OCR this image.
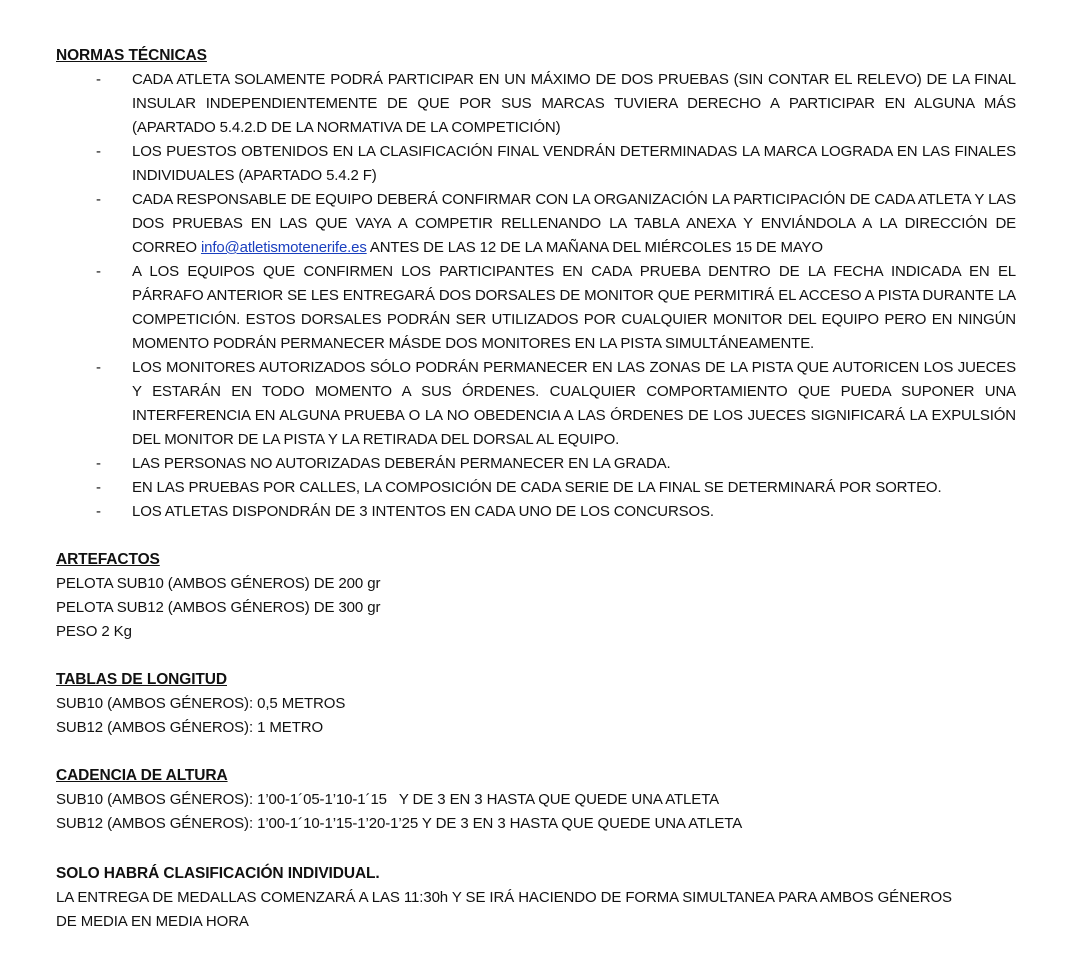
NORMAS TÉCNICAS

- CADA ATLETA SOLAMENTE PODRÁ PARTICIPAR EN UN MÁXIMO DE DOS PRUEBAS (SIN CONTAR EL RELEVO) DE LA FINAL INSULAR INDEPENDIENTEMENTE DE QUE POR SUS MARCAS TUVIERA DERECHO A PARTICIPAR EN ALGUNA MÁS (APARTADO 5.4.2.D DE LA NORMATIVA DE LA COMPETICIÓN)
- LOS PUESTOS OBTENIDOS EN LA CLASIFICACIÓN FINAL VENDRÁN DETERMINADAS LA MARCA LOGRADA EN LAS FINALES INDIVIDUALES (APARTADO 5.4.2 F)
- CADA RESPONSABLE DE EQUIPO DEBERÁ CONFIRMAR CON LA ORGANIZACIÓN LA PARTICIPACIÓN DE CADA ATLETA Y LAS DOS PRUEBAS EN LAS QUE VAYA A COMPETIR RELLENANDO LA TABLA ANEXA Y ENVIÁNDOLA A LA DIRECCIÓN DE CORREO info@atletismotenerife.es ANTES DE LAS 12 DE LA MAÑANA DEL MIÉRCOLES 15 DE MAYO
- A LOS EQUIPOS QUE CONFIRMEN LOS PARTICIPANTES EN CADA PRUEBA DENTRO DE LA FECHA INDICADA EN EL PÁRRAFO ANTERIOR SE LES ENTREGARÁ DOS DORSALES DE MONITOR QUE PERMITIRÁ EL ACCESO A PISTA DURANTE LA COMPETICIÓN. ESTOS DORSALES PODRÁN SER UTILIZADOS POR CUALQUIER MONITOR DEL EQUIPO PERO EN NINGÚN MOMENTO PODRÁN PERMANECER MÁSDE DOS MONITORES EN LA PISTA SIMULTÁNEAMENTE.
- LOS MONITORES AUTORIZADOS SÓLO PODRÁN PERMANECER EN LAS ZONAS DE LA PISTA QUE AUTORICEN LOS JUECES Y ESTARÁN EN TODO MOMENTO A SUS ÓRDENES. CUALQUIER COMPORTAMIENTO QUE PUEDA SUPONER UNA INTERFERENCIA EN ALGUNA PRUEBA O LA NO OBEDENCIA A LAS ÓRDENES DE LOS JUECES SIGNIFICARÁ LA EXPULSIÓN DEL MONITOR DE LA PISTA Y LA RETIRADA DEL DORSAL AL EQUIPO.
- LAS PERSONAS NO AUTORIZADAS DEBERÁN PERMANECER EN LA GRADA.
- EN LAS PRUEBAS POR CALLES, LA COMPOSICIÓN DE CADA SERIE DE LA FINAL SE DETERMINARÁ POR SORTEO.
- LOS ATLETAS DISPONDRÁN DE 3 INTENTOS EN CADA UNO DE LOS CONCURSOS.

ARTEFACTOS

PELOTA SUB10 (AMBOS GÉNEROS) DE 200 gr

PELOTA SUB12 (AMBOS GÉNEROS) DE 300 gr

PESO 2 Kg

TABLAS DE LONGITUD

SUB10 (AMBOS GÉNEROS): 0,5 METROS

SUB12 (AMBOS GÉNEROS): 1 METRO

CADENCIA DE ALTURA

SUB10 (AMBOS GÉNEROS): 1’00-1´05-1’10-1´15   Y DE 3 EN 3 HASTA QUE QUEDE UNA ATLETA

SUB12 (AMBOS GÉNEROS): 1’00-1´10-1’15-1’20-1’25 Y DE 3 EN 3 HASTA QUE QUEDE UNA ATLETA

SOLO HABRÁ CLASIFICACIÓN INDIVIDUAL.

LA ENTREGA DE MEDALLAS COMENZARÁ A LAS 11:30h Y SE IRÁ HACIENDO DE FORMA SIMULTANEA PARA AMBOS GÉNEROS

DE MEDIA EN MEDIA HORA
